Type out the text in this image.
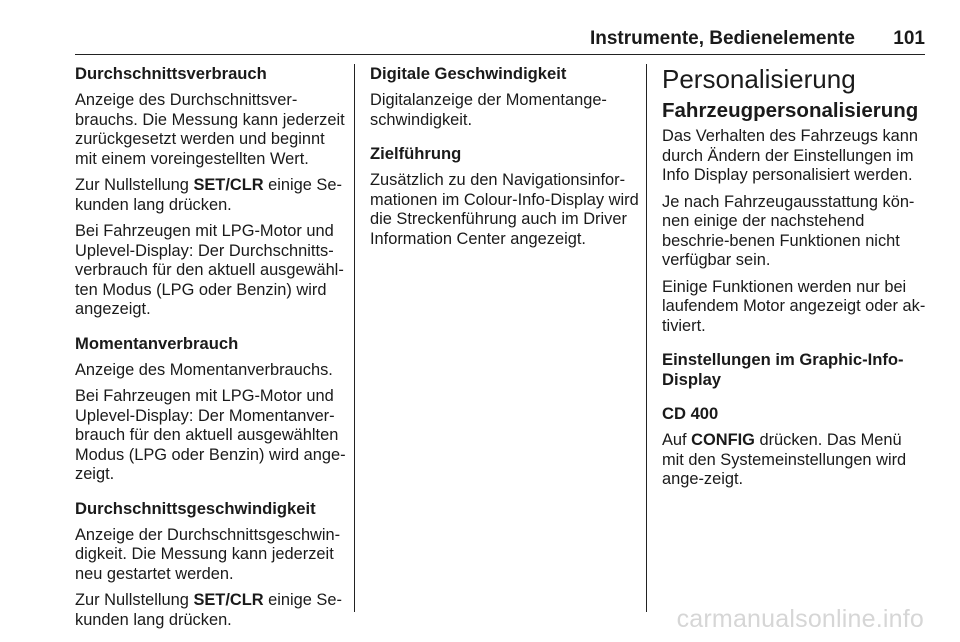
Instrumente, Bedienelemente 101
Durchschnittsverbrauch

Anzeige des Durchschnittsver-brauchs. Die Messung kann jederzeit zurückgesetzt werden und beginnt mit einem voreingestellten Wert.

Zur Nullstellung SET/CLR einige Se-kunden lang drücken.

Bei Fahrzeugen mit LPG-Motor und Uplevel-Display: Der Durchschnitts-verbrauch für den aktuell ausgewähl-ten Modus (LPG oder Benzin) wird angezeigt.

Momentanverbrauch

Anzeige des Momentanverbrauchs.

Bei Fahrzeugen mit LPG-Motor und Uplevel-Display: Der Momentanver-brauch für den aktuell ausgewählten Modus (LPG oder Benzin) wird ange-zeigt.

Durchschnittsgeschwindigkeit

Anzeige der Durchschnittsgeschwin-digkeit. Die Messung kann jederzeit neu gestartet werden.

Zur Nullstellung SET/CLR einige Se-kunden lang drücken.

Digitale Geschwindigkeit

Digitalanzeige der Momentange-schwindigkeit.

Zielführung

Zusätzlich zu den Navigationsinfor-mationen im Colour-Info-Display wird die Streckenführung auch im Driver Information Center angezeigt.

Personalisierung
Fahrzeugpersonalisierung

Das Verhalten des Fahrzeugs kann durch Ändern der Einstellungen im Info Display personalisiert werden.

Je nach Fahrzeugausstattung kön-nen einige der nachstehend beschrie-benen Funktionen nicht verfügbar sein.

Einige Funktionen werden nur bei laufendem Motor angezeigt oder ak-tiviert.

Einstellungen im Graphic-Info-Display
CD 400

Auf CONFIG drücken. Das Menü mit den Systemeinstellungen wird ange-zeigt.

carmanualsonline.info
